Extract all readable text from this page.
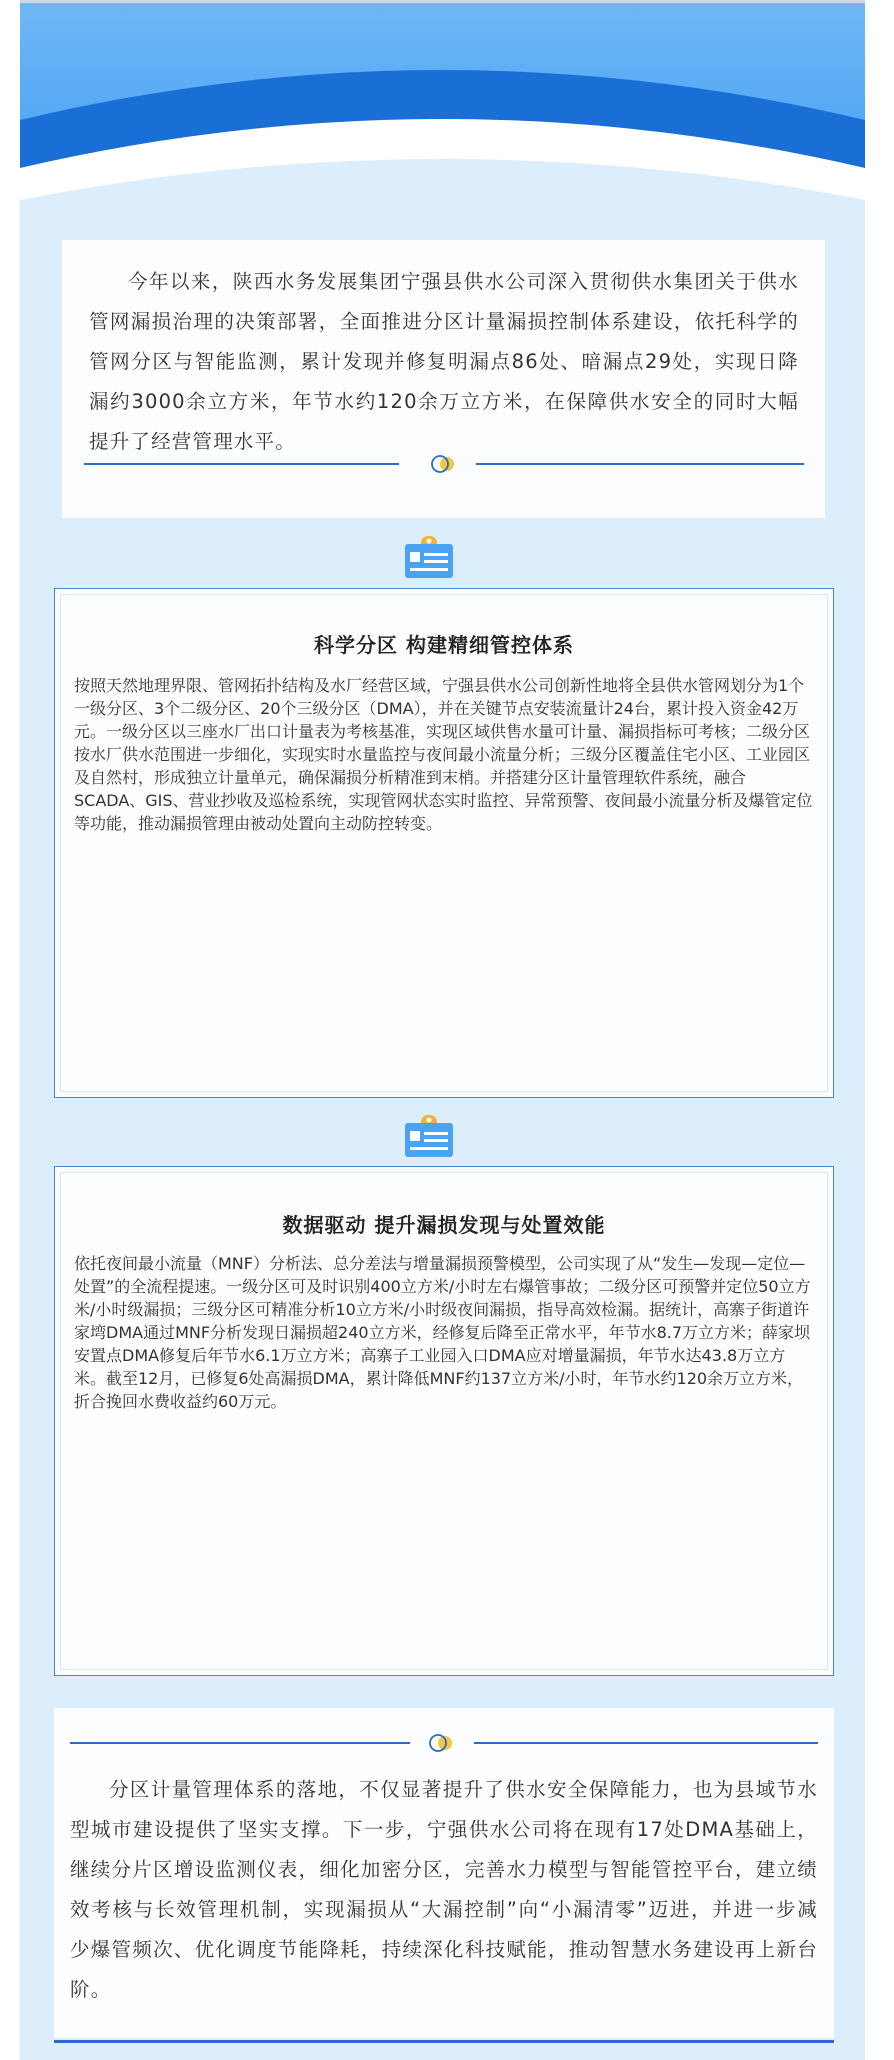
今年以来，陕西水务发展集团宁强县供水公司深入贯彻供水集团关于供水管网漏损治理的决策部署，全面推进分区计量漏损控制体系建设，依托科学的管网分区与智能监测，累计发现并修复明漏点86处、暗漏点29处，实现日降漏约3000余立方米，年节水约120余万立方米，在保障供水安全的同时大幅提升了经营管理水平。

科学分区 构建精细管控体系

按照天然地理界限、管网拓扑结构及水厂经营区域，宁强县供水公司创新性地将全县供水管网划分为1个一级分区、3个二级分区、20个三级分区（DMA），并在关键节点安装流量计24台，累计投入资金42万元。一级分区以三座水厂出口计量表为考核基准，实现区域供售水量可计量、漏损指标可考核；二级分区按水厂供水范围进一步细化，实现实时水量监控与夜间最小流量分析；三级分区覆盖住宅小区、工业园区及自然村，形成独立计量单元，确保漏损分析精准到末梢。并搭建分区计量管理软件系统，融合SCADA、GIS、营业抄收及巡检系统，实现管网状态实时监控、异常预警、夜间最小流量分析及爆管定位等功能，推动漏损管理由被动处置向主动防控转变。

数据驱动 提升漏损发现与处置效能

依托夜间最小流量（MNF）分析法、总分差法与增量漏损预警模型，公司实现了从“发生—发现—定位—处置”的全流程提速。一级分区可及时识别400立方米/小时左右爆管事故；二级分区可预警并定位50立方米/小时级漏损；三级分区可精准分析10立方米/小时级夜间漏损，指导高效检漏。据统计，高寨子街道许家塆DMA通过MNF分析发现日漏损超240立方米，经修复后降至正常水平，年节水8.7万立方米；薛家坝安置点DMA修复后年节水6.1万立方米；高寨子工业园入口DMA应对增量漏损，年节水达43.8万立方米。截至12月，已修复6处高漏损DMA，累计降低MNF约137立方米/小时，年节水约120余万立方米，折合挽回水费收益约60万元。

分区计量管理体系的落地，不仅显著提升了供水安全保障能力，也为县域节水型城市建设提供了坚实支撑。下一步，宁强供水公司将在现有17处DMA基础上，继续分片区增设监测仪表，细化加密分区，完善水力模型与智能管控平台，建立绩效考核与长效管理机制，实现漏损从“大漏控制”向“小漏清零”迈进，并进一步减少爆管频次、优化调度节能降耗，持续深化科技赋能，推动智慧水务建设再上新台阶。
